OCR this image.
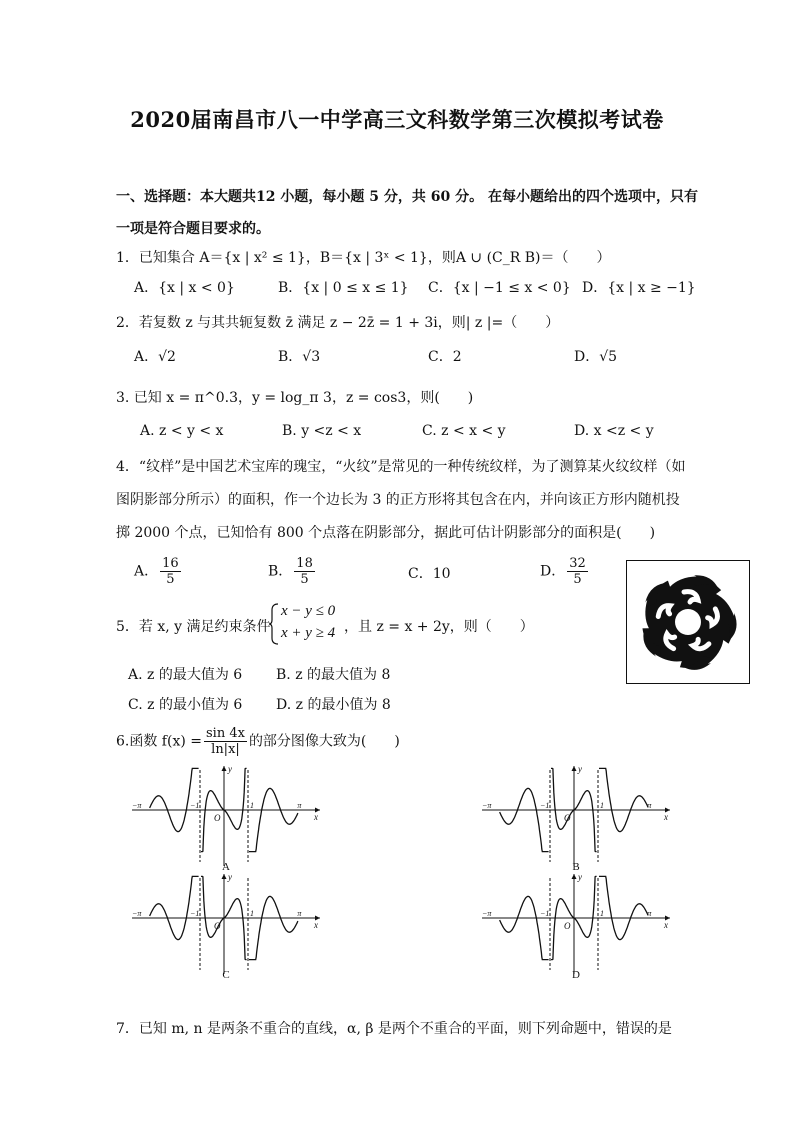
2020届南昌市八一中学高三文科数学第三次模拟考试卷
一、选择题：本大题共12 小题，每小题 5 分，共 60 分。 在每小题给出的四个选项中，只有
一项是符合题目要求的。
1．已知集合 A＝{x | x² ≤ 1}，B＝{x | 3ˣ < 1}，则A ∪ (C_R B)＝（　　）
A．{x | x < 0}	B．{x | 0 ≤ x ≤ 1} C．{x | −1 ≤ x < 0} D．{x | x ≥ −1}
2．若复数 z 与其共轭复数 z̄ 满足 z − 2z̄ = 1 + 3i，则| z |=（　　）
A．√2	B．√3	C．2	D．√5
3. 已知 x = π^0.3，y = log_π 3，z = cos3，则(　　)
A. z < y < x	B. y <z < x	C. z < x < y	D. x <z < y
4．“纹样”是中国艺术宝库的瑰宝，“火纹”是常见的一种传统纹样，为了测算某火纹纹样（如
图阴影部分所示）的面积，作一个边长为 3 的正方形将其包含在内，并向该正方形内随机投
掷 2000 个点，已知恰有 800 个点落在阴影部分，据此可估计阴影部分的面积是(　　)
A． $\frac{16}{5}$	B． $\frac{18}{5}$	C．10	D． $\frac{32}{5}$
5．若 x, y 满足约束条件
x − y ≤ 0
x + y ≥ 4 ，且 z = x + 2y，则（　　）
A. z 的最大值为 6 B. z 的最大值为 8
C. z 的最小值为 6 D. z 的最小值为 8
6.函数 $f(x) = \frac{\sin 4x}{\ln|x|}$ 的部分图像大致为(　　)
y
x
O
−π	π
−1	1
A
y
x
O
−π	π
−1	1
B
y
x
O
−π	π
−1	1
C
y
x
O
−π	π
−1	1
D
7．已知 m, n 是两条不重合的直线，α, β 是两个不重合的平面，则下列命题中，错误的是
